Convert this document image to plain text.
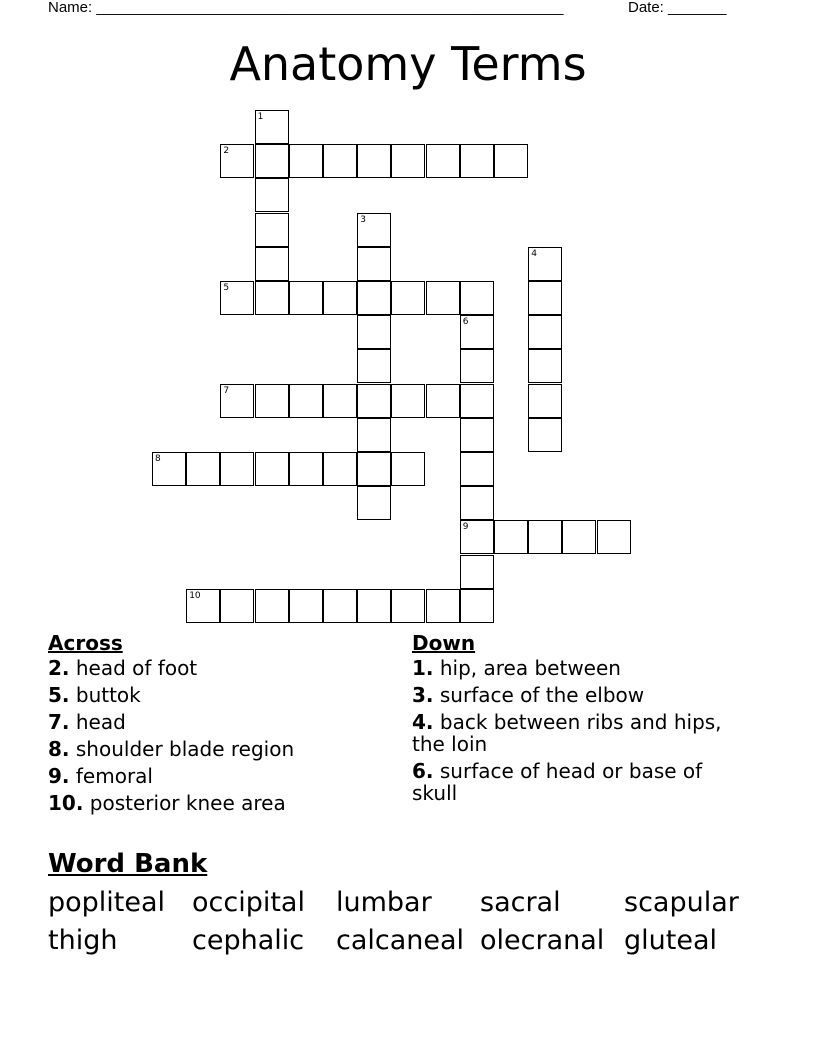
Name: ________________________________________________________	Date: _______
Anatomy Terms
1
2
3
4
5
6
9
7
8
10
Across
2. head of foot
5. buttok
7. head
8. shoulder blade region
9. femoral
10. posterior knee area
Down
1. hip, area between
3. surface of the elbow
4. back between ribs and hips, the loin
6. surface of head or base of skull
Word Bank
popliteal occipital	lumbar	sacral	scapular
thigh	cephalic	calcaneal olecranal gluteal
